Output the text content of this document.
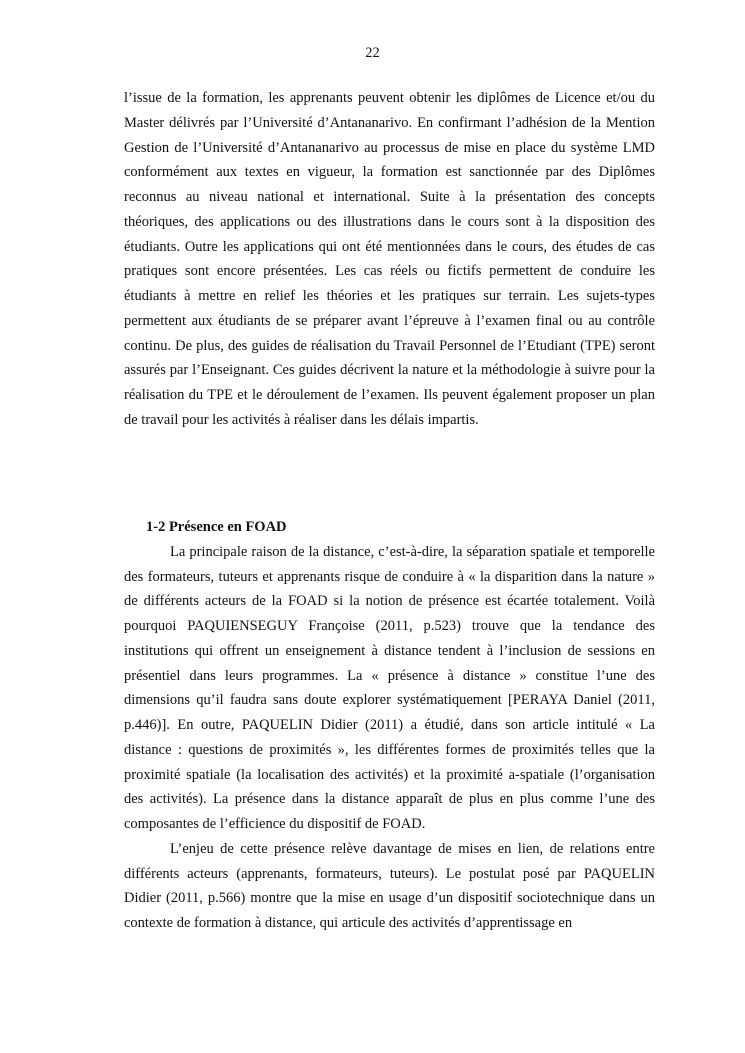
22
l’issue de la formation, les apprenants peuvent obtenir les diplômes de Licence et/ou du Master délivrés par l’Université d’Antananarivo. En confirmant l’adhésion de la Mention Gestion de l’Université d’Antananarivo au processus de mise en place du système LMD conformément aux textes en vigueur, la formation est sanctionnée par des Diplômes reconnus au niveau national et international. Suite à la présentation des concepts théoriques, des applications ou des illustrations dans le cours sont à la disposition des étudiants. Outre les applications qui ont été mentionnées dans le cours, des études de cas pratiques sont encore présentées. Les cas réels ou fictifs permettent de conduire les étudiants à mettre en relief les théories et les pratiques sur terrain. Les sujets-types permettent aux étudiants de se préparer avant l’épreuve à l’examen final ou au contrôle continu. De plus, des guides de réalisation du Travail Personnel de l’Etudiant (TPE) seront assurés par l’Enseignant. Ces guides décrivent la nature et la méthodologie à suivre pour la réalisation du TPE et le déroulement de l’examen. Ils peuvent également proposer un plan de travail pour les activités à réaliser dans les délais impartis.
1-2 Présence en FOAD

La principale raison de la distance, c’est-à-dire, la séparation spatiale et temporelle des formateurs, tuteurs et apprenants risque de conduire à « la disparition dans la nature » de différents acteurs de la FOAD si la notion de présence est écartée totalement. Voilà pourquoi PAQUIENSEGUY Françoise (2011, p.523) trouve que la tendance des institutions qui offrent un enseignement à distance tendent à l’inclusion de sessions en présentiel dans leurs programmes. La « présence à distance » constitue l’une des dimensions qu’il faudra sans doute explorer systématiquement [PERAYA Daniel (2011, p.446)]. En outre, PAQUELIN Didier (2011) a étudié, dans son article intitulé « La distance : questions de proximités », les différentes formes de proximités telles que la proximité spatiale (la localisation des activités) et la proximité a-spatiale (l’organisation des activités). La présence dans la distance apparaît de plus en plus comme l’une des composantes de l’efficience du dispositif de FOAD.

L’enjeu de cette présence relève davantage de mises en lien, de relations entre différents acteurs (apprenants, formateurs, tuteurs). Le postulat posé par PAQUELIN Didier (2011, p.566) montre que la mise en usage d’un dispositif sociotechnique dans un contexte de formation à distance, qui articule des activités d’apprentissage en
